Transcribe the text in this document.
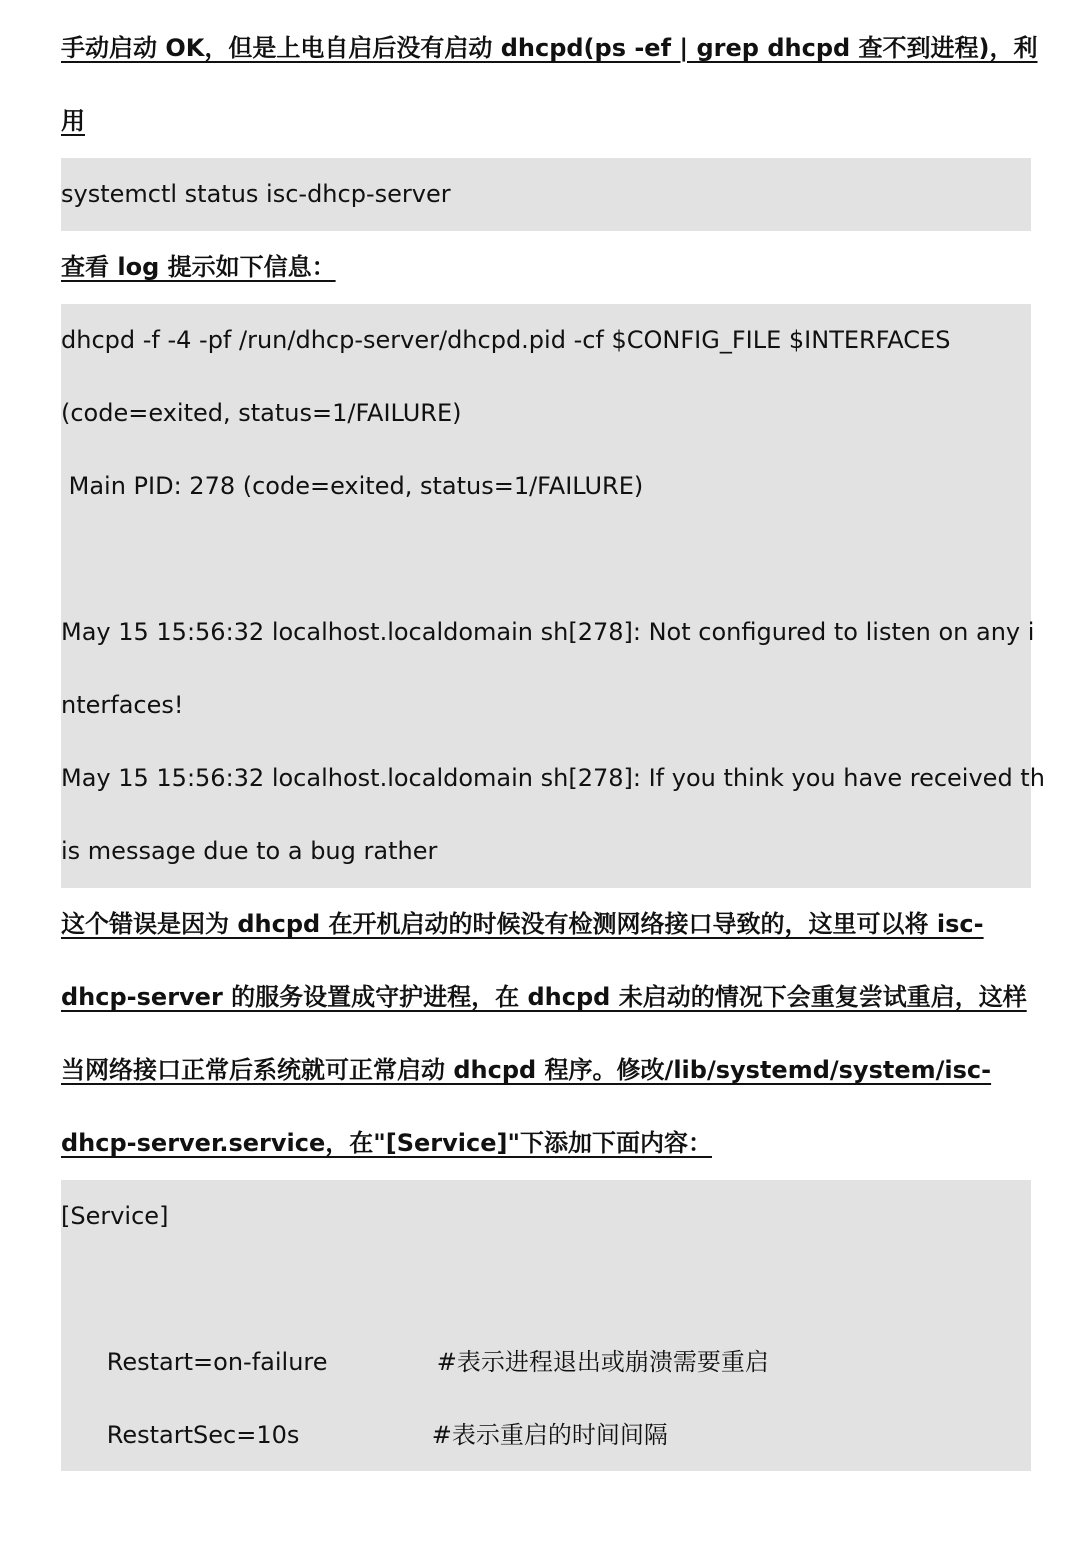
手动启动 OK，但是上电自启后没有启动 dhcpd(ps -ef | grep dhcpd 查不到进程)，利
用
systemctl status isc-dhcp-server
查看 log 提示如下信息：
dhcpd -f -4 -pf /run/dhcp-server/dhcpd.pid -cf $CONFIG_FILE $INTERFACES
(code=exited, status=1/FAILURE)
Main PID: 278 (code=exited, status=1/FAILURE)
May 15 15:56:32 localhost.localdomain sh[278]: Not configured to listen on any i
nterfaces!
May 15 15:56:32 localhost.localdomain sh[278]: If you think you have received th
is message due to a bug rather
这个错误是因为 dhcpd 在开机启动的时候没有检测网络接口导致的，这里可以将 isc-
dhcp-server 的服务设置成守护进程，在 dhcpd 未启动的情况下会重复尝试重启，这样
当网络接口正常后系统就可正常启动 dhcpd 程序。修改/lib/systemd/system/isc-
dhcp-server.service，在"[Service]"下添加下面内容：
[Service]

Restart=on-failure	#表示进程退出或崩溃需要重启

RestartSec=10s	#表示重启的时间间隔
